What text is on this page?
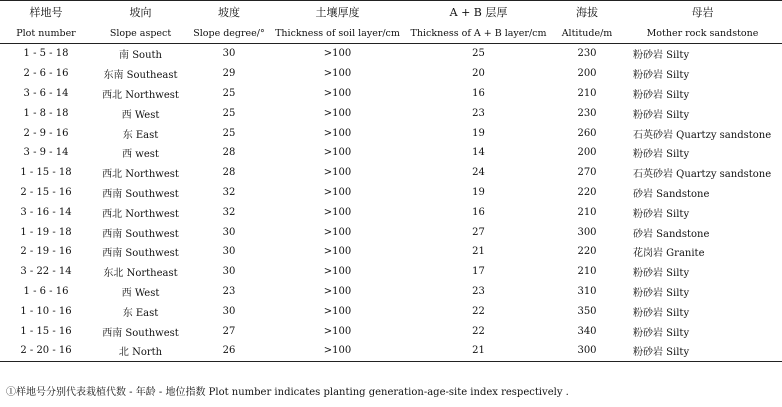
样地号	坡向	坡度	土壤厚度	A + B 层厚	海拔	母岩
Plot number	Slope aspect	Slope degree/°	Thickness of soil layer/cm	Thickness of A + B layer/cm	Altitude/m	Mother rock sandstone
1 - 5 - 18	南 South	30	>100	25	230	粉砂岩 Silty
2 - 6 - 16	东南 Southeast	29	>100	20	200	粉砂岩 Silty
3 - 6 - 14	西北 Northwest	25	>100	16	210	粉砂岩 Silty
1 - 8 - 18	西 West	25	>100	23	230	粉砂岩 Silty
2 - 9 - 16	东 East	25	>100	19	260	石英砂岩 Quartzy sandstone
3 - 9 - 14	西 west	28	>100	14	200	粉砂岩 Silty
1 - 15 - 18	西北 Northwest	28	>100	24	270	石英砂岩 Quartzy sandstone
2 - 15 - 16	西南 Southwest	32	>100	19	220	砂岩 Sandstone
3 - 16 - 14	西北 Northwest	32	>100	16	210	粉砂岩 Silty
1 - 19 - 18	西南 Southwest	30	>100	27	300	砂岩 Sandstone
2 - 19 - 16	西南 Southwest	30	>100	21	220	花岗岩 Granite
3 - 22 - 14	东北 Northeast	30	>100	17	210	粉砂岩 Silty
1 - 6 - 16	西 West	23	>100	23	310	粉砂岩 Silty
1 - 10 - 16	东 East	30	>100	22	350	粉砂岩 Silty
1 - 15 - 16	西南 Southwest	27	>100	22	340	粉砂岩 Silty
2 - 20 - 16	北 North	26	>100	21	300	粉砂岩 Silty
①样地号分别代表栽植代数 - 年龄 - 地位指数 Plot number indicates planting generation-age-site index respectively .
